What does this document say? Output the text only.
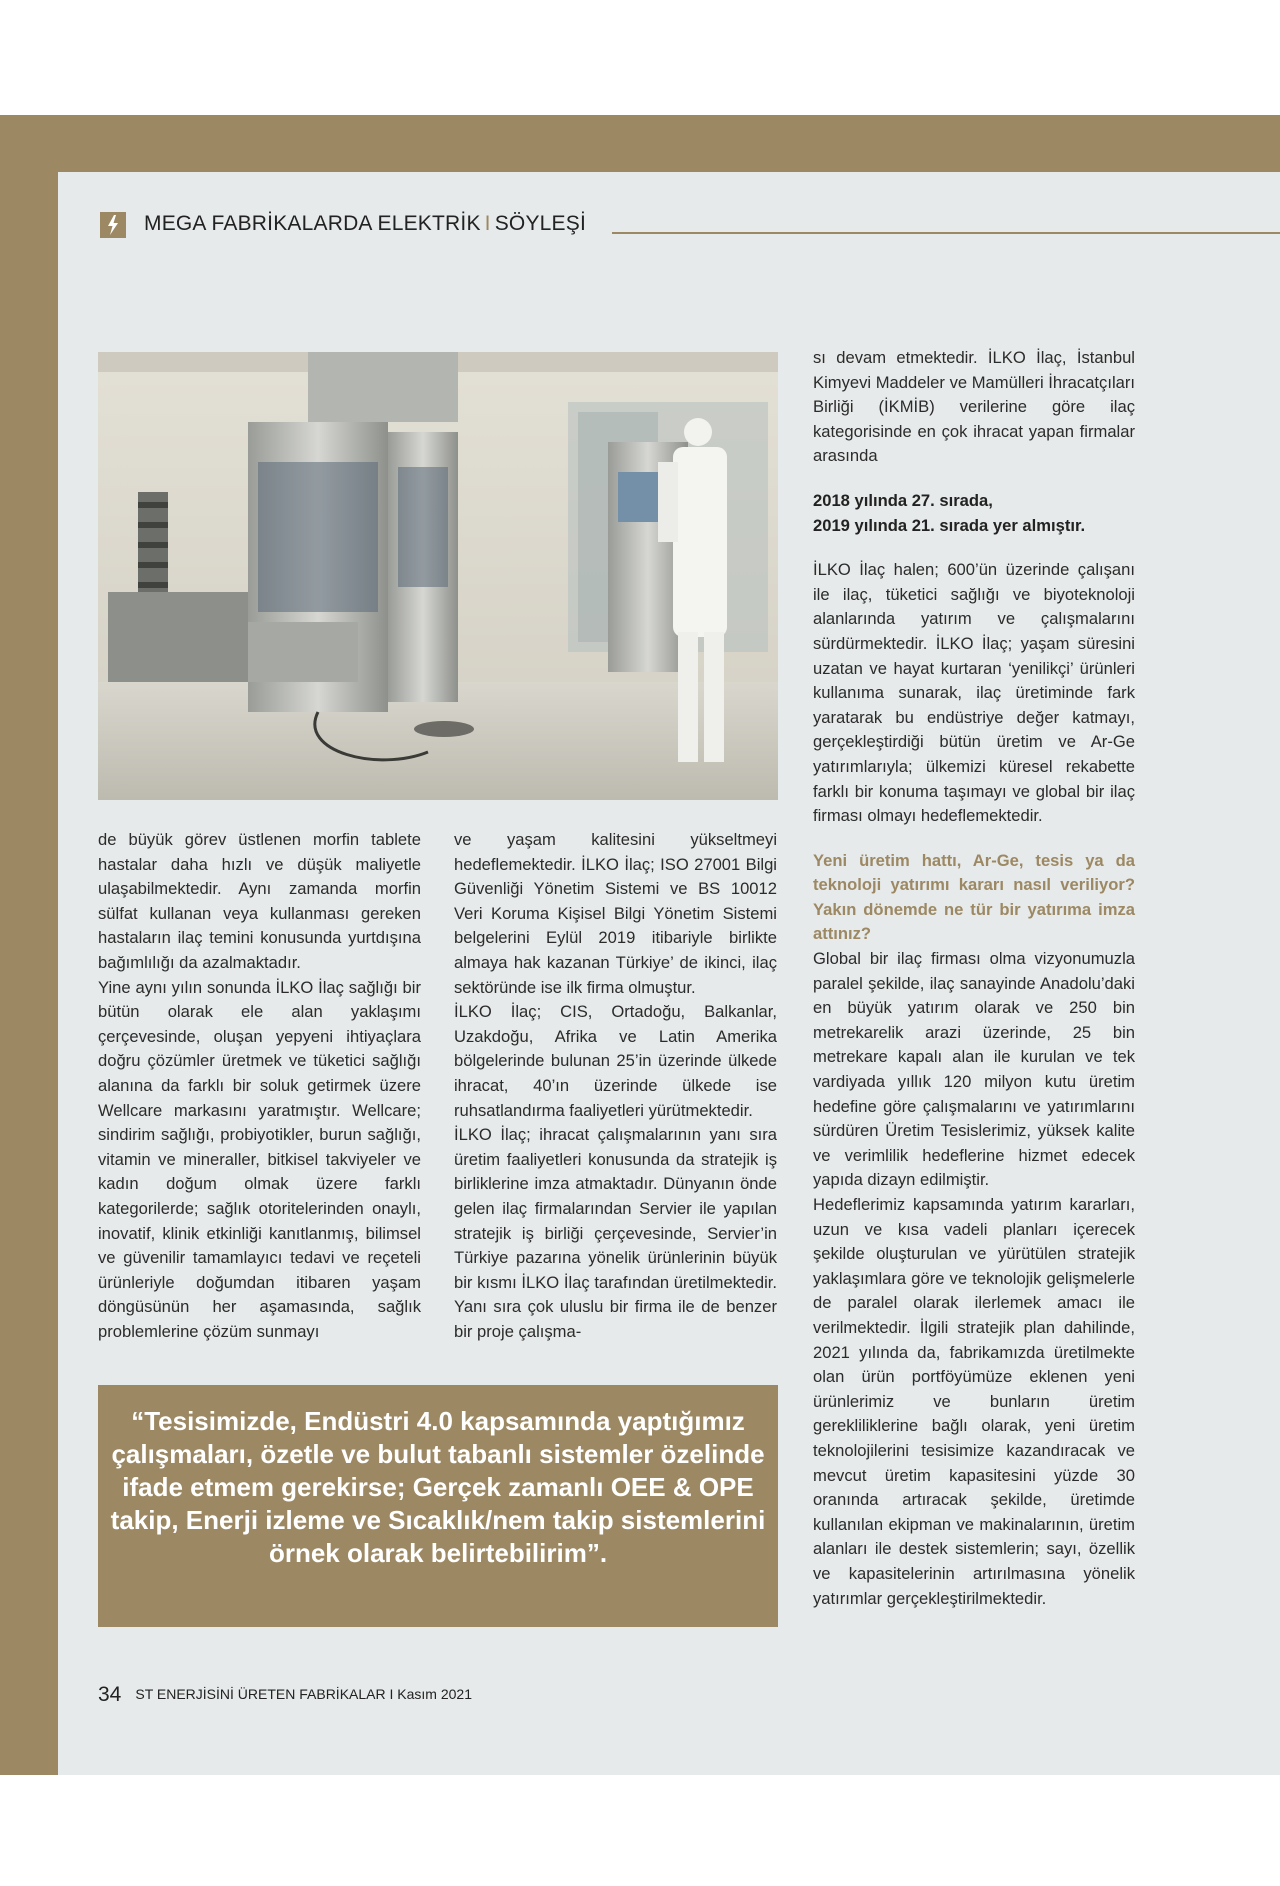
MEGA FABRİKALARDA ELEKTRİK I SÖYLEŞİ

de büyük görev üstlenen morfin tablete hastalar daha hızlı ve düşük maliyetle ulaşabilmektedir. Aynı zamanda morfin sülfat kullanan veya kullanması gereken hastaların ilaç temini konusunda yurtdışına bağımlılığı da azalmaktadır.

Yine aynı yılın sonunda İLKO İlaç sağlığı bir bütün olarak ele alan yaklaşımı çerçevesinde, oluşan yepyeni ihtiyaçlara doğru çözümler üretmek ve tüketici sağlığı alanına da farklı bir soluk getirmek üzere Wellcare markasını yaratmıştır. Wellcare; sindirim sağlığı, probiyotikler, burun sağlığı, vitamin ve mineraller, bitkisel takviyeler ve kadın doğum olmak üzere farklı kategorilerde; sağlık otoritelerinden onaylı, inovatif, klinik etkinliği kanıtlanmış, bilimsel ve güvenilir tamamlayıcı tedavi ve reçeteli ürünleriyle doğumdan itibaren yaşam döngüsünün her aşamasında, sağlık problemlerine çözüm sunmayı

ve yaşam kalitesini yükseltmeyi hedeflemektedir. İLKO İlaç; ISO 27001 Bilgi Güvenliği Yönetim Sistemi ve BS 10012 Veri Koruma Kişisel Bilgi Yönetim Sistemi belgelerini Eylül 2019 itibariyle birlikte almaya hak kazanan Türkiye’ de ikinci, ilaç sektöründe ise ilk firma olmuştur.

İLKO İlaç; CIS, Ortadoğu, Balkanlar, Uzakdoğu, Afrika ve Latin Amerika bölgelerinde bulunan 25’in üzerinde ülkede ihracat, 40’ın üzerinde ülkede ise ruhsatlandırma faaliyetleri yürütmektedir.

İLKO İlaç; ihracat çalışmalarının yanı sıra üretim faaliyetleri konusunda da stratejik iş birliklerine imza atmaktadır. Dünyanın önde gelen ilaç firmalarından Servier ile yapılan stratejik iş birliği çerçevesinde, Servier’in Türkiye pazarına yönelik ürünlerinin büyük bir kısmı İLKO İlaç tarafından üretilmektedir. Yanı sıra çok uluslu bir firma ile de benzer bir proje çalışma-

sı devam etmektedir. İLKO İlaç, İstanbul Kimyevi Maddeler ve Mamülleri İhracatçıları Birliği (İKMİB) verilerine göre ilaç kategorisinde en çok ihracat yapan firmalar arasında

2018 yılında 27. sırada,

2019 yılında 21. sırada yer almıştır.

İLKO İlaç halen; 600’ün üzerinde çalışanı ile ilaç, tüketici sağlığı ve biyoteknoloji alanlarında yatırım ve çalışmalarını sürdürmektedir. İLKO İlaç; yaşam süresini uzatan ve hayat kurtaran ‘yenilikçi’ ürünleri kullanıma sunarak, ilaç üretiminde fark yaratarak bu endüstriye değer katmayı, gerçekleştirdiği bütün üretim ve Ar-Ge yatırımlarıyla; ülkemizi küresel rekabette farklı bir konuma taşımayı ve global bir ilaç firması olmayı hedeflemektedir.

Yeni üretim hattı, Ar-Ge, tesis ya da teknoloji yatırımı kararı nasıl veriliyor? Yakın dönemde ne tür bir yatırıma imza attınız?

Global bir ilaç firması olma vizyonumuzla paralel şekilde, ilaç sanayinde Anadolu’daki en büyük yatırım olarak ve 250 bin metrekarelik arazi üzerinde, 25 bin metrekare kapalı alan ile kurulan ve tek vardiyada yıllık 120 milyon kutu üretim hedefine göre çalışmalarını ve yatırımlarını sürdüren Üretim Tesislerimiz, yüksek kalite ve verimlilik hedeflerine hizmet edecek yapıda dizayn edilmiştir.

Hedeflerimiz kapsamında yatırım kararları, uzun ve kısa vadeli planları içerecek şekilde oluşturulan ve yürütülen stratejik yaklaşımlara göre ve teknolojik gelişmelerle de paralel olarak ilerlemek amacı ile verilmektedir. İlgili stratejik plan dahilinde, 2021 yılında da, fabrikamızda üretilmekte olan ürün portföyümüze eklenen yeni ürünlerimiz ve bunların üretim gerekliliklerine bağlı olarak, yeni üretim teknolojilerini tesisimize kazandıracak ve mevcut üretim kapasitesini yüzde 30 oranında artıracak şekilde, üretimde kullanılan ekipman ve makinalarının, üretim alanları ile destek sistemlerin; sayı, özellik ve kapasitelerinin artırılmasına yönelik yatırımlar gerçekleştirilmektedir.

“Tesisimizde, Endüstri 4.0 kapsamında yaptığımız çalışmaları, özetle ve bulut tabanlı sistemler özelinde ifade etmem gerekirse; Gerçek zamanlı OEE & OPE takip, Enerji izleme ve Sıcaklık/nem takip sistemlerini örnek olarak belirtebilirim”.
34 ST ENERJİSİNİ ÜRETEN FABRİKALAR I Kasım 2021
